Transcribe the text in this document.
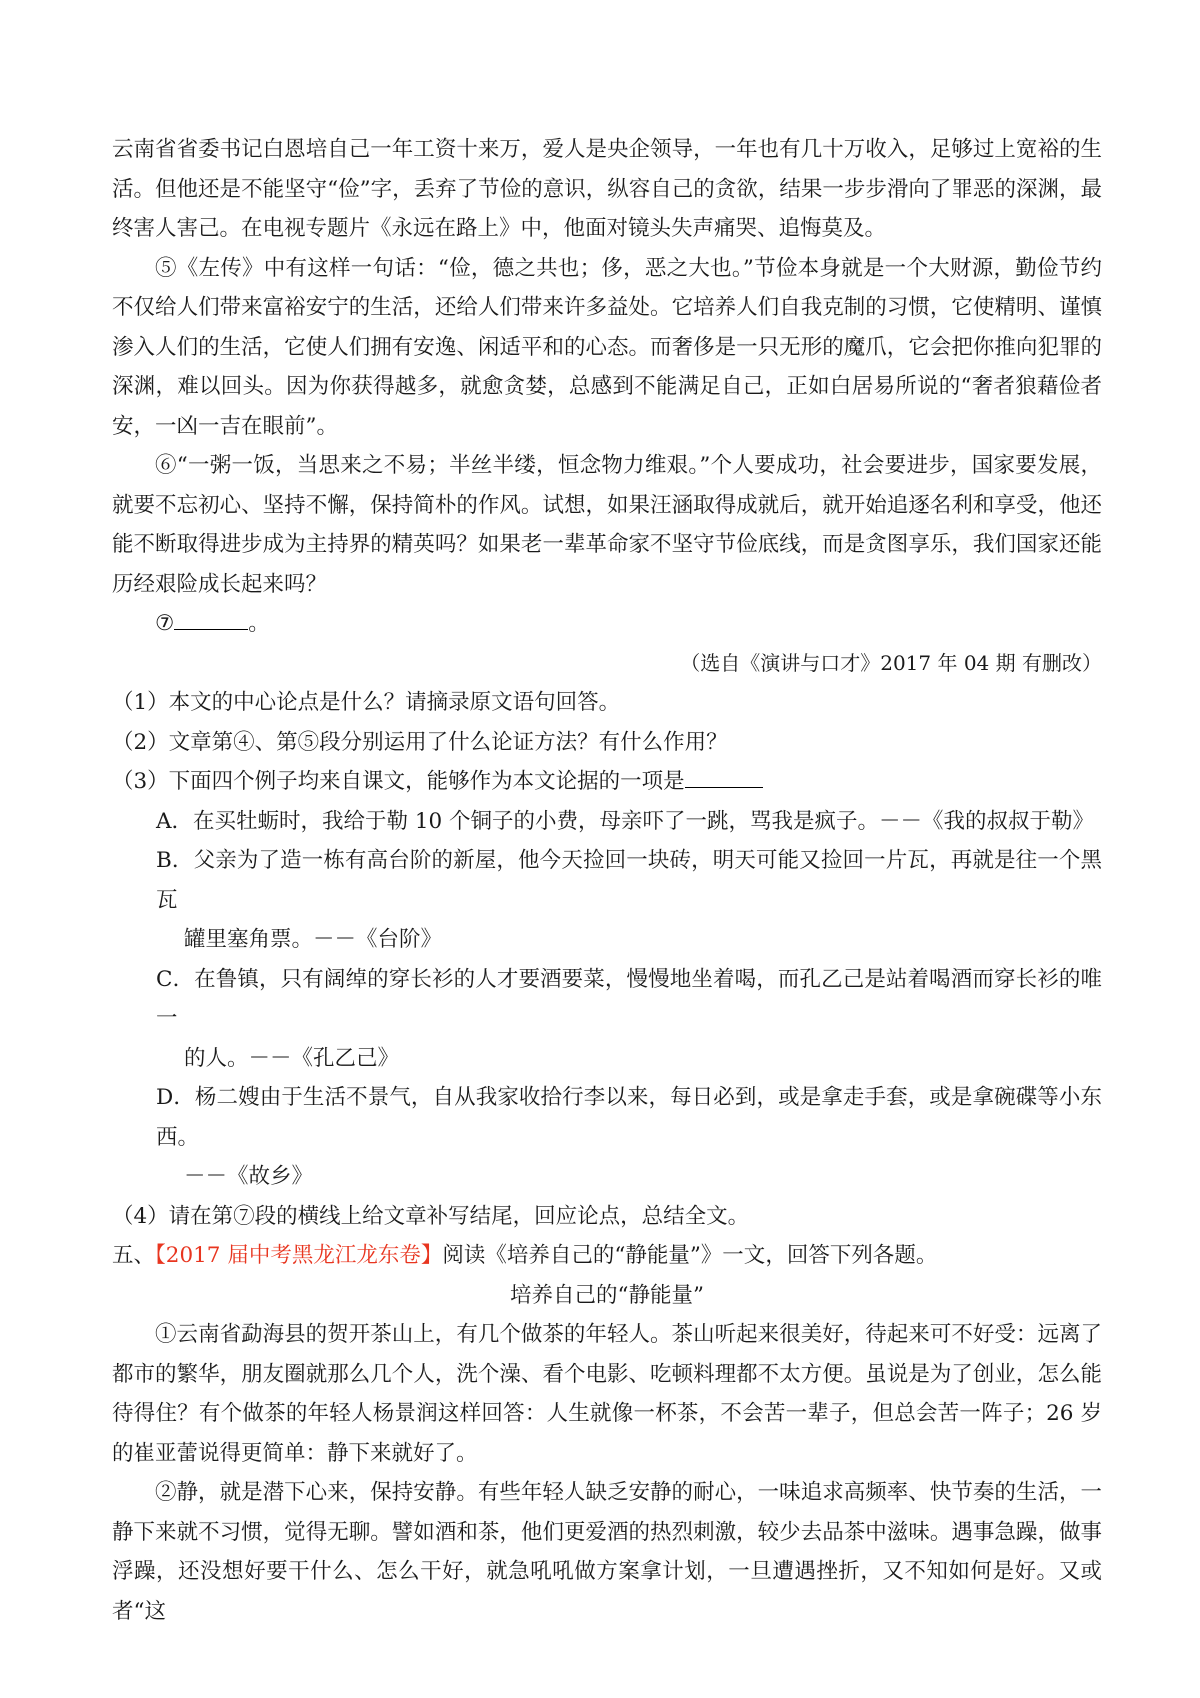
云南省省委书记白恩培自己一年工资十来万，爱人是央企领导，一年也有几十万收入，足够过上宽裕的生活。但他还是不能坚守“俭”字，丢弃了节俭的意识，纵容自己的贪欲，结果一步步滑向了罪恶的深渊，最终害人害己。在电视专题片《永远在路上》中，他面对镜头失声痛哭、追悔莫及。

⑤《左传》中有这样一句话：“俭，德之共也；侈，恶之大也。”节俭本身就是一个大财源，勤俭节约不仅给人们带来富裕安宁的生活，还给人们带来许多益处。它培养人们自我克制的习惯，它使精明、谨慎渗入人们的生活，它使人们拥有安逸、闲适平和的心态。而奢侈是一只无形的魔爪，它会把你推向犯罪的深渊，难以回头。因为你获得越多，就愈贪婪，总感到不能满足自己，正如白居易所说的“奢者狼藉俭者安，一凶一吉在眼前”。

⑥“一粥一饭，当思来之不易；半丝半缕，恒念物力维艰。”个人要成功，社会要进步，国家要发展，就要不忘初心、坚持不懈，保持简朴的作风。试想，如果汪涵取得成就后，就开始追逐名利和享受，他还能不断取得进步成为主持界的精英吗？如果老一辈革命家不坚守节俭底线，而是贪图享乐，我们国家还能历经艰险成长起来吗？

⑦	。

（选自《演讲与口才》2017 年 04 期 有删改）

（1）本文的中心论点是什么？请摘录原文语句回答。

（2）文章第④、第⑤段分别运用了什么论证方法？有什么作用？

（3）下面四个例子均来自课文，能够作为本文论据的一项是

A．在买牡蛎时，我给于勒 10 个铜子的小费，母亲吓了一跳，骂我是疯子。－－《我的叔叔于勒》

B．父亲为了造一栋有高台阶的新屋，他今天捡回一块砖，明天可能又捡回一片瓦，再就是往一个黑瓦

罐里塞角票。－－《台阶》

C．在鲁镇，只有阔绰的穿长衫的人才要酒要菜，慢慢地坐着喝，而孔乙己是站着喝酒而穿长衫的唯一

的人。－－《孔乙己》

D．杨二嫂由于生活不景气，自从我家收拾行李以来，每日必到，或是拿走手套，或是拿碗碟等小东西。

－－《故乡》

（4）请在第⑦段的横线上给文章补写结尾，回应论点，总结全文。

五、【2017 届中考黑龙江龙东卷】阅读《培养自己的“静能量”》一文，回答下列各题。

培养自己的“静能量”

①云南省勐海县的贺开茶山上，有几个做茶的年轻人。茶山听起来很美好，待起来可不好受：远离了都市的繁华，朋友圈就那么几个人，洗个澡、看个电影、吃顿料理都不太方便。虽说是为了创业，怎么能待得住？有个做茶的年轻人杨景润这样回答：人生就像一杯茶，不会苦一辈子，但总会苦一阵子；26 岁的崔亚蕾说得更简单：静下来就好了。

②静，就是潜下心来，保持安静。有些年轻人缺乏安静的耐心，一味追求高频率、快节奏的生活，一静下来就不习惯，觉得无聊。譬如酒和茶，他们更爱酒的热烈刺激，较少去品茶中滋味。遇事急躁，做事浮躁，还没想好要干什么、怎么干好，就急吼吼做方案拿计划，一旦遭遇挫折，又不知如何是好。又或者“这
